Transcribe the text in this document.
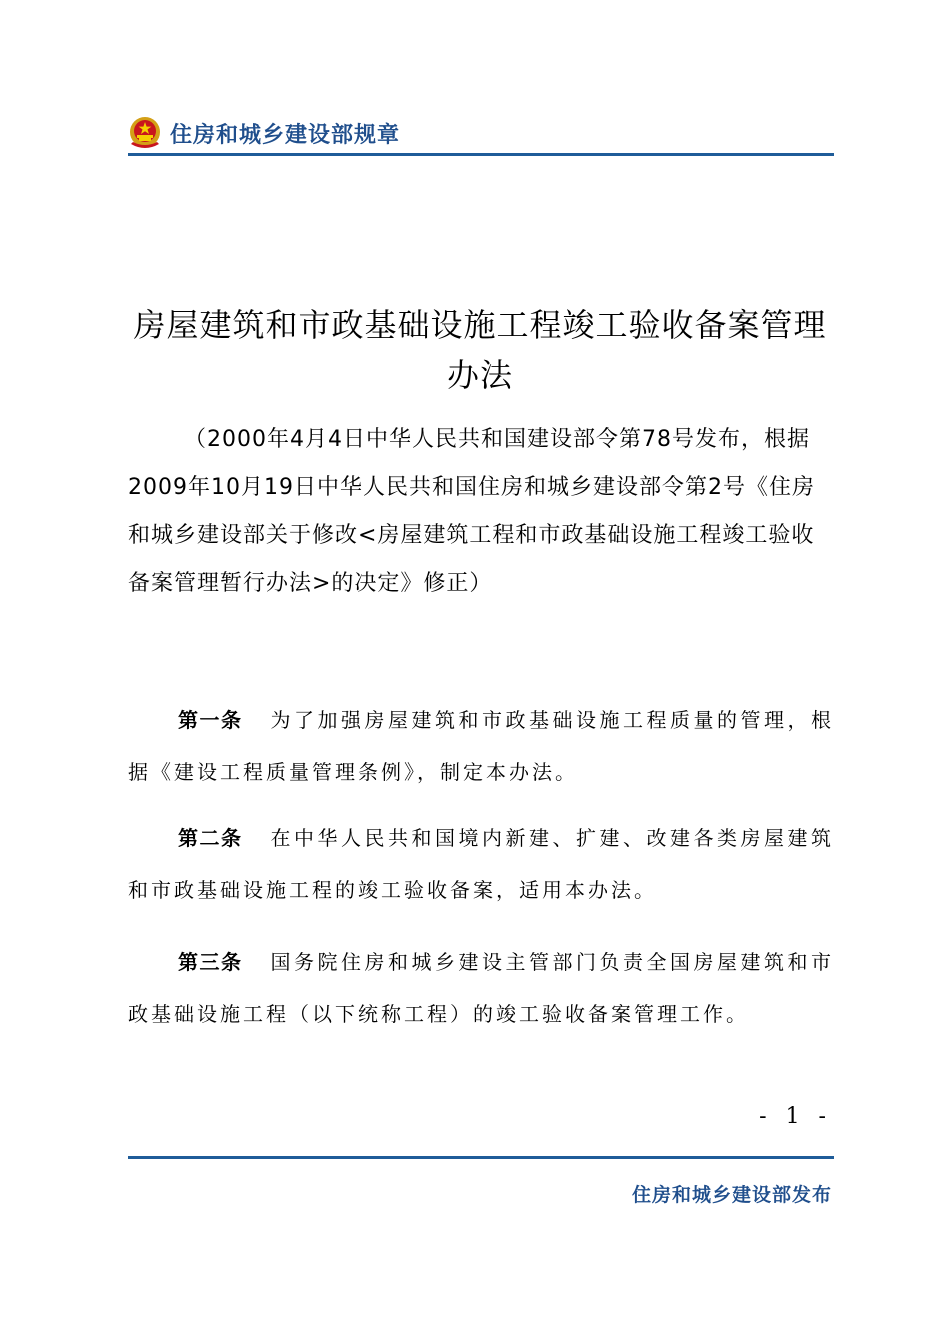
住房和城乡建设部规章
房屋建筑和市政基础设施工程竣工验收备案管理办法
（2000年4月4日中华人民共和国建设部令第78号发布，根据2009年10月19日中华人民共和国住房和城乡建设部令第2号《住房和城乡建设部关于修改<房屋建筑工程和市政基础设施工程竣工验收备案管理暂行办法>的决定》修正）
第一条 为了加强房屋建筑和市政基础设施工程质量的管理，根据《建设工程质量管理条例》，制定本办法。
第二条 在中华人民共和国境内新建、扩建、改建各类房屋建筑和市政基础设施工程的竣工验收备案，适用本办法。
第三条 国务院住房和城乡建设主管部门负责全国房屋建筑和市政基础设施工程（以下统称工程）的竣工验收备案管理工作。
- 1 -
住房和城乡建设部发布
